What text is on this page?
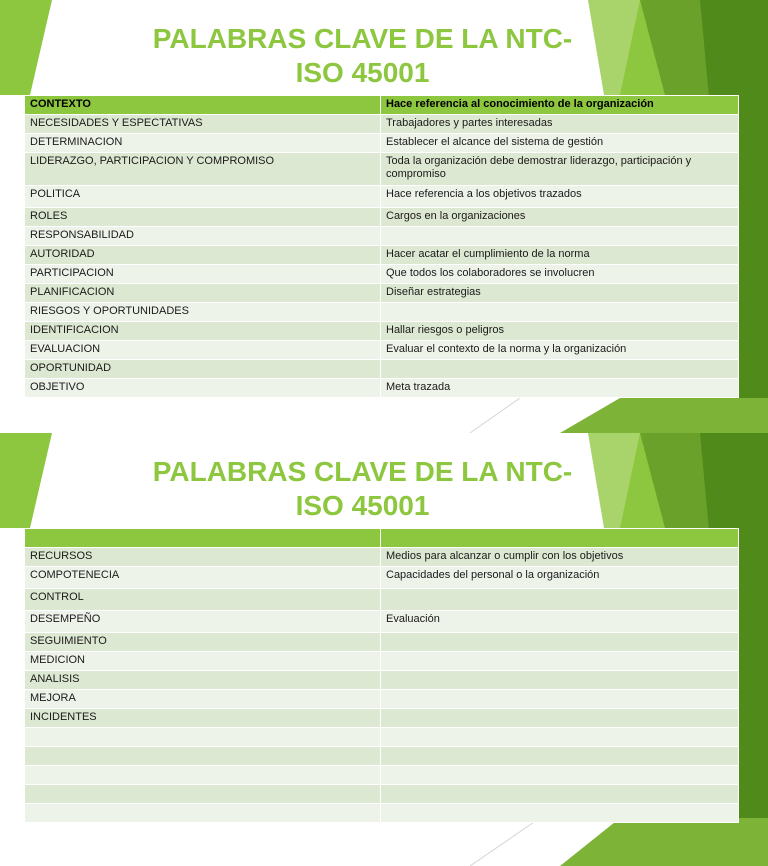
PALABRAS CLAVE DE LA NTC-ISO 45001
CONTEXTO	Hace referencia al conocimiento de la organización
NECESIDADES Y ESPECTATIVAS	Trabajadores y partes interesadas
DETERMINACION	Establecer el alcance del sistema de gestión
LIDERAZGO, PARTICIPACION Y COMPROMISO	Toda la organización debe demostrar liderazgo, participación y compromiso
POLITICA	Hace referencia a los objetivos trazados
ROLES	Cargos en la organizaciones
RESPONSABILIDAD	
AUTORIDAD	Hacer acatar el cumplimiento de la norma
PARTICIPACION	Que todos los colaboradores se involucren
PLANIFICACION	Diseñar estrategias
RIESGOS Y OPORTUNIDADES	
IDENTIFICACION	Hallar riesgos o peligros
EVALUACION	Evaluar el contexto de la norma y la organización
OPORTUNIDAD	
OBJETIVO	Meta trazada
PALABRAS CLAVE DE LA NTC-ISO 45001

RECURSOS	Medios para alcanzar o cumplir con los objetivos
COMPOTENECIA	Capacidades del personal o la organización
CONTROL	
DESEMPEÑO	Evaluación
SEGUIMIENTO	
MEDICION	
ANALISIS	
MEJORA	
INCIDENTES	
